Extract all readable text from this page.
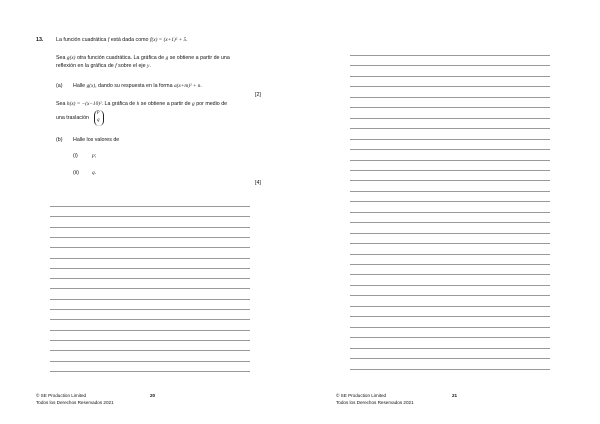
13. La función cuadrática f está dada como f(x) = (x+1)² + 5.
Sea g(x) otra función cuadrática. La gráfica de g se obtiene a partir de una
reflexión en la gráfica de f sobre el eje y.
(a) Halle g(x), dando su respuesta en la forma a(x+m)² + n.
[2]
Sea h(x) = −(x−10)². La gráfica de h se obtiene a partir de g por medio de
una traslación
p
q .
(b) Halle los valores de
(i)	p;
(ii) q.
[4]
© SE Production Limited
Todos los Derechos Reservados 2021
20	© SE Production Limited
Todos los Derechos Reservados 2021
21
